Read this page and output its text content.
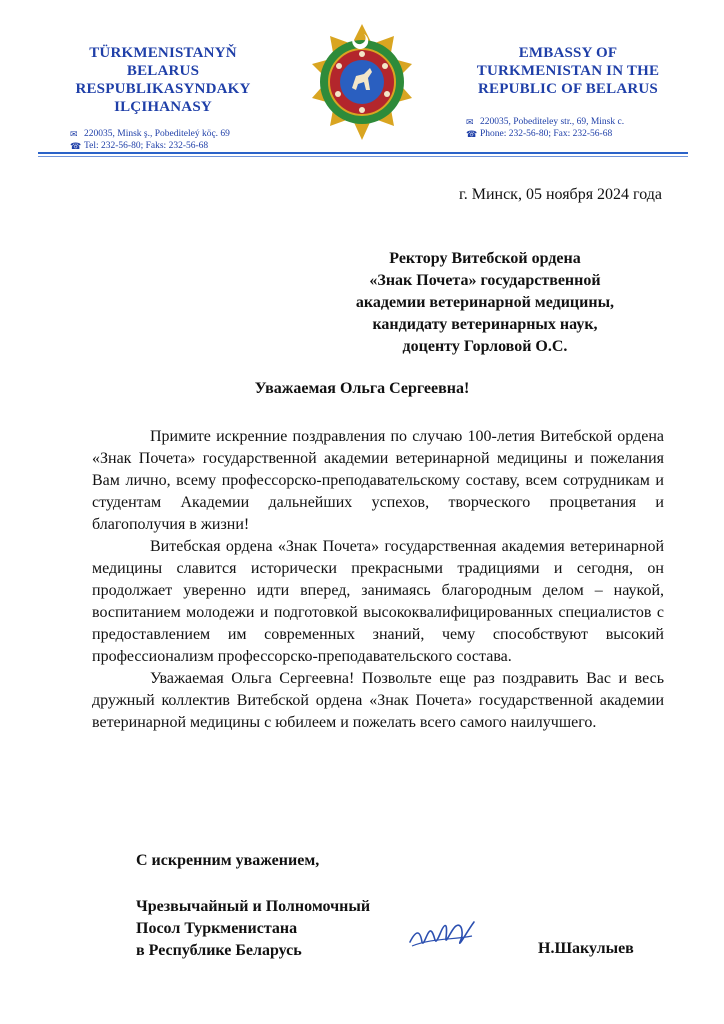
TÜRKMENISTANYŇ
BELARUS RESPUBLIKASYNDAKY
ILÇIHANASY
✉ 220035, Minsk ş., Pobediteleý köç. 69
☎ Tel: 232-56-80; Faks: 232-56-68
EMBASSY OF
TURKMENISTAN IN THE
REPUBLIC OF BELARUS
✉ 220035, Pobediteley str., 69, Minsk c.
☎ Phone: 232-56-80; Fax: 232-56-68
г. Минск, 05 ноября 2024 года
Ректору Витебской ордена
«Знак Почета» государственной
академии ветеринарной медицины,
кандидату ветеринарных наук,
доценту Горловой О.С.
Уважаемая Ольга Сергеевна!

Примите искренние поздравления по случаю 100-летия Витебской ордена «Знак Почета» государственной академии ветеринарной медицины и пожелания Вам лично, всему профессорско-преподавательскому составу, всем сотрудникам и студентам Академии дальнейших успехов, творческого процветания и благополучия в жизни!

Витебская ордена «Знак Почета» государственная академия ветеринарной медицины славится исторически прекрасными традициями и сегодня, он продолжает уверенно идти вперед, занимаясь благородным делом – наукой, воспитанием молодежи и подготовкой высококвалифицированных специалистов с предоставлением им современных знаний, чему способствуют высокий профессионализм профессорско-преподавательского состава.

Уважаемая Ольга Сергеевна! Позвольте еще раз поздравить Вас и весь дружный коллектив Витебской ордена «Знак Почета» государственной академии ветеринарной медицины с юбилеем и пожелать всего самого наилучшего.

С искренним уважением,
Чрезвычайный и Полномочный
Посол Туркменистана
в Республике Беларусь	Н.Шакулыев
